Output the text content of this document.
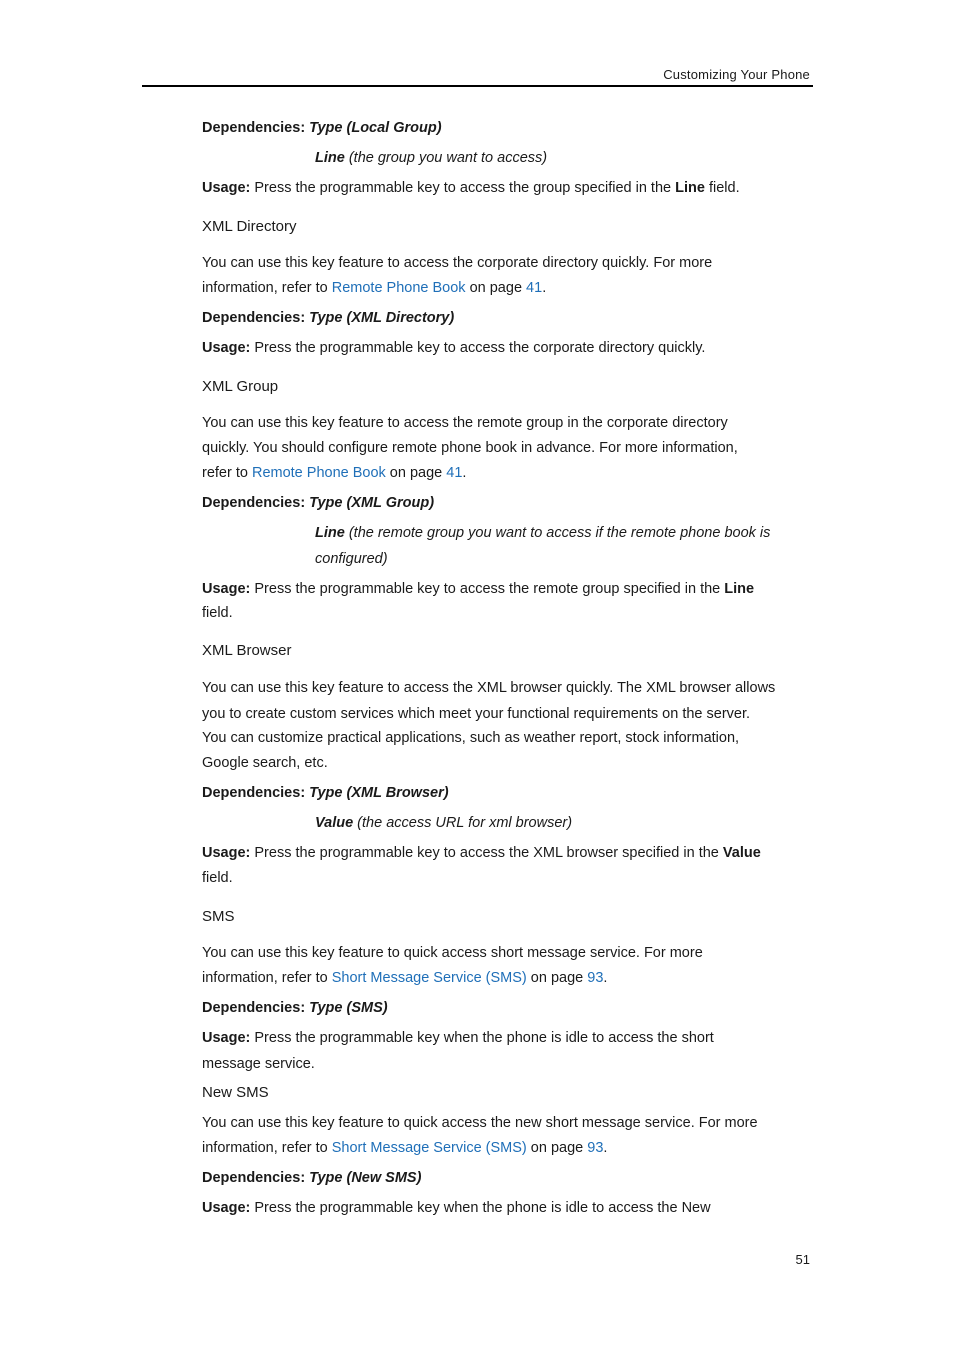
Customizing Your Phone
Dependencies: Type (Local Group)
Line (the group you want to access)
Usage: Press the programmable key to access the group specified in the Line field.
XML Directory
You can use this key feature to access the corporate directory quickly. For more
information, refer to Remote Phone Book on page 41.
Dependencies: Type (XML Directory)
Usage: Press the programmable key to access the corporate directory quickly.
XML Group
You can use this key feature to access the remote group in the corporate directory
quickly. You should configure remote phone book in advance. For more information,
refer to Remote Phone Book on page 41.
Dependencies: Type (XML Group)
Line (the remote group you want to access if the remote phone book is
configured)
Usage: Press the programmable key to access the remote group specified in the Line
field.
XML Browser
You can use this key feature to access the XML browser quickly. The XML browser allows
you to create custom services which meet your functional requirements on the server.
You can customize practical applications, such as weather report, stock information,
Google search, etc.
Dependencies: Type (XML Browser)
Value (the access URL for xml browser)
Usage: Press the programmable key to access the XML browser specified in the Value
field.
SMS
You can use this key feature to quick access short message service. For more
information, refer to Short Message Service (SMS) on page 93.
Dependencies: Type (SMS)
Usage: Press the programmable key when the phone is idle to access the short
message service.
New SMS
You can use this key feature to quick access the new short message service. For more
information, refer to Short Message Service (SMS) on page 93.
Dependencies: Type (New SMS)
Usage: Press the programmable key when the phone is idle to access the New
51
